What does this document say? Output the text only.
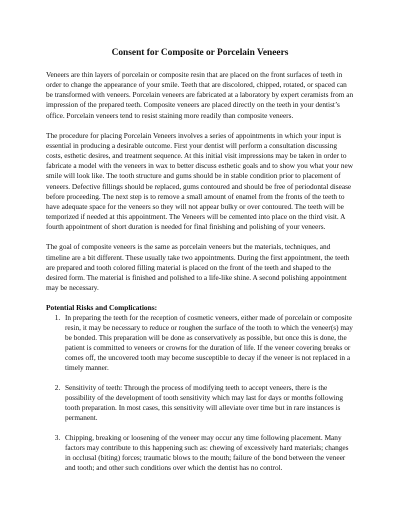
Consent for Composite or Porcelain Veneers

Veneers are thin layers of porcelain or composite resin that are placed on the front surfaces of teeth in order to change the appearance of your smile. Teeth that are discolored, chipped, rotated, or spaced can be transformed with veneers. Porcelain veneers are fabricated at a laboratory by expert ceramists from an impression of the prepared teeth. Composite veneers are placed directly on the teeth in your dentist’s office. Porcelain veneers tend to resist staining more readily than composite veneers.

The procedure for placing Porcelain Veneers involves a series of appointments in which your input is essential in producing a desirable outcome. First your dentist will perform a consultation discussing costs, esthetic desires, and treatment sequence. At this initial visit impressions may be taken in order to fabricate a model with the veneers in wax to better discuss esthetic goals and to show you what your new smile will look like. The tooth structure and gums should be in stable condition prior to placement of veneers. Defective fillings should be replaced, gums contoured and should be free of periodontal disease before proceeding. The next step is to remove a small amount of enamel from the fronts of the teeth to have adequate space for the veneers so they will not appear bulky or over contoured. The teeth will be temporized if needed at this appointment. The Veneers will be cemented into place on the third visit. A fourth appointment of short duration is needed for final finishing and polishing of your veneers.

The goal of composite veneers is the same as porcelain veneers but the materials, techniques, and timeline are a bit different. These usually take two appointments. During the first appointment, the teeth are prepared and tooth colored filling material is placed on the front of the teeth and shaped to the desired form. The material is finished and polished to a life-like shine. A second polishing appointment may be necessary.

Potential Risks and Complications:
1. In preparing the teeth for the reception of cosmetic veneers, either made of porcelain or composite resin, it may be necessary to reduce or roughen the surface of the tooth to which the veneer(s) may be bonded. This preparation will be done as conservatively as possible, but once this is done, the patient is committed to veneers or crowns for the duration of life. If the veneer covering breaks or comes off, the uncovered tooth may become susceptible to decay if the veneer is not replaced in a timely manner.
2. Sensitivity of teeth: Through the process of modifying teeth to accept veneers, there is the possibility of the development of tooth sensitivity which may last for days or months following tooth preparation. In most cases, this sensitivity will alleviate over time but in rare instances is permanent.
3. Chipping, breaking or loosening of the veneer may occur any time following placement. Many factors may contribute to this happening such as: chewing of excessively hard materials; changes in occlusal (biting) forces; traumatic blows to the mouth; failure of the bond between the veneer and tooth; and other such conditions over which the dentist has no control.
